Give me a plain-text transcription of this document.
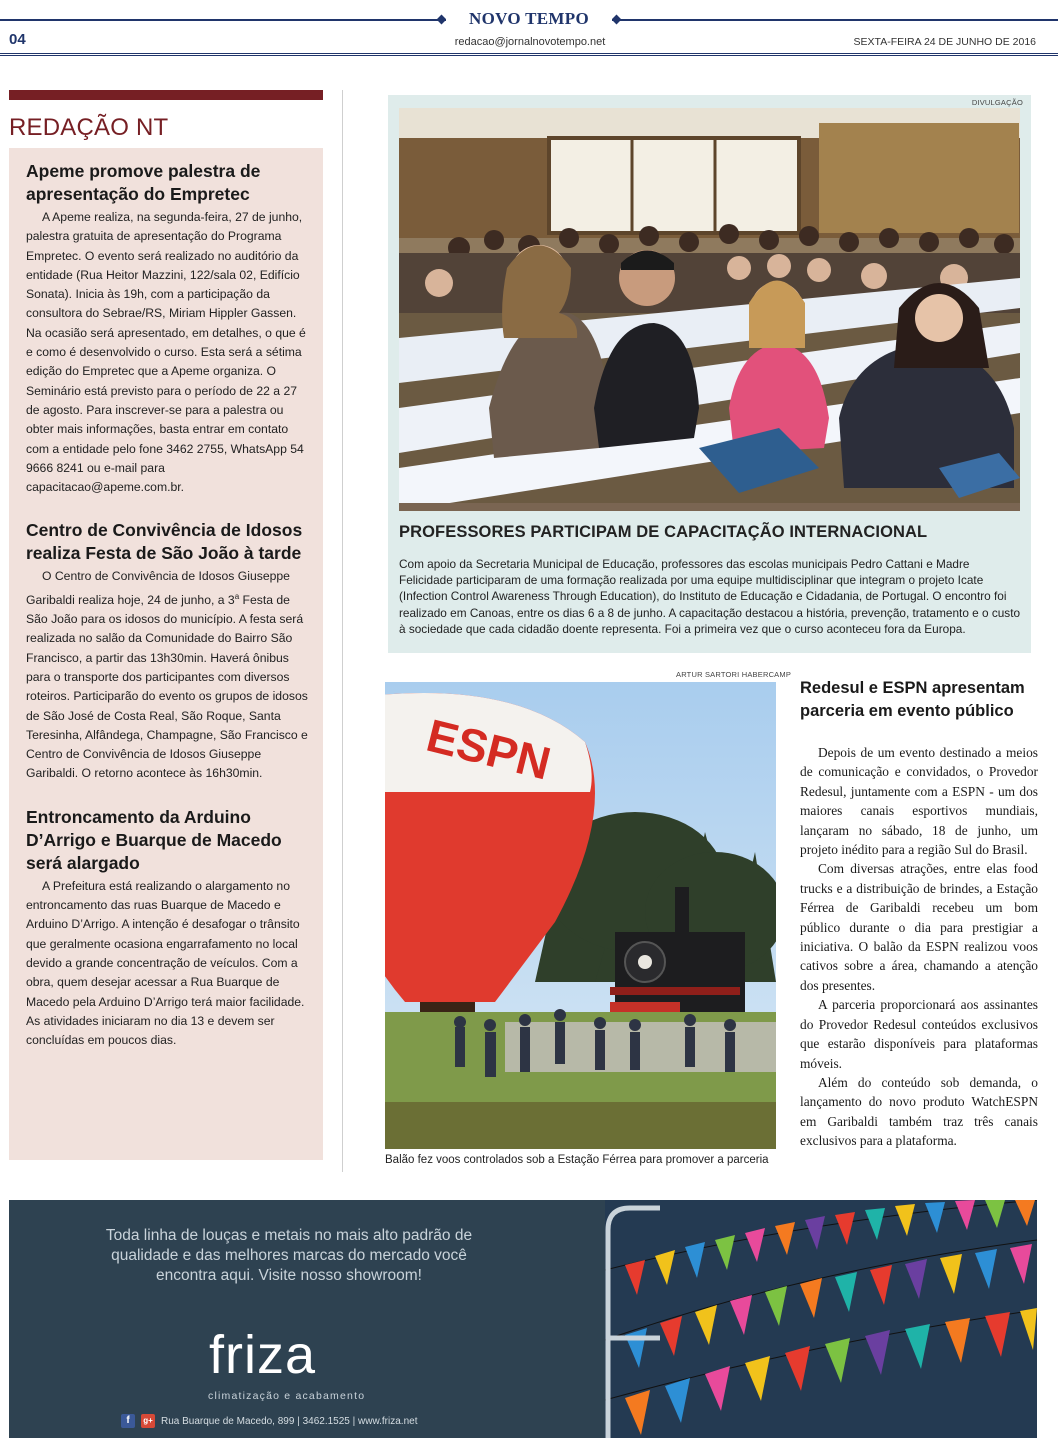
NOVO TEMPO
04	redacao@jornalnovotempo.net	SEXTA-FEIRA 24 DE JUNHO DE 2016
REDAÇÃO NT
Apeme promove palestra de apresentação do Empretec

A Apeme realiza, na segunda-feira, 27 de junho, palestra gratuita de apresentação do Programa Empretec. O evento será realizado no auditório da entidade (Rua Heitor Mazzini, 122/sala 02, Edifício Sonata). Inicia às 19h, com a participação da consultora do Sebrae/RS, Miriam Hippler Gassen. Na ocasião será apresentado, em detalhes, o que é e como é desenvolvido o curso. Esta será a sétima edição do Empretec que a Apeme organiza. O Seminário está previsto para o período de 22 a 27 de agosto. Para inscrever-se para a palestra ou obter mais informações, basta entrar em contato com a entidade pelo fone 3462 2755, WhatsApp 54 9666 8241 ou e-mail para capacitacao@apeme.com.br.

Centro de Convivência de Idosos realiza Festa de São João à tarde

O Centro de Convivência de Idosos Giuseppe Garibaldi realiza hoje, 24 de junho, a 3$^a$ Festa de São João para os idosos do município. A festa será realizada no salão da Comunidade do Bairro São Francisco, a partir das 13h30min. Haverá ônibus para o transporte dos participantes com diversos roteiros. Participarão do evento os grupos de idosos de São José de Costa Real, São Roque, Santa Teresinha, Alfândega, Champagne, São Francisco e Centro de Convivência de Idosos Giuseppe Garibaldi. O retorno acontece às 16h30min.

Entroncamento da Arduino D’Arrigo e Buarque de Macedo será alargado

A Prefeitura está realizando o alargamento no entroncamento das ruas Buarque de Macedo e Arduino D’Arrigo. A intenção é desafogar o trânsito que geralmente ocasiona engarrafamento no local devido a grande concentração de veículos. Com a obra, quem desejar acessar a Rua Buarque de Macedo pela Arduino D’Arrigo terá maior facilidade. As atividades iniciaram no dia 13 e devem ser concluídas em poucos dias.

DIVULGAÇÃO
PROFESSORES PARTICIPAM DE CAPACITAÇÃO INTERNACIONAL

Com apoio da Secretaria Municipal de Educação, professores das escolas municipais Pedro Cattani e Madre Felicidade participaram de uma formação realizada por uma equipe multidisciplinar que integram o projeto Icate (Infection Control Awareness Through Education), do Instituto de Educação e Cidadania, de Portugal. O encontro foi realizado em Canoas, entre os dias 6 a 8 de junho. A capacitação destacou a história, prevenção, tratamento e o custo à sociedade que cada cidadão doente representa. Foi a primeira vez que o curso aconteceu fora da Europa.

ARTUR SARTORI HABERCAMP
ESPN
Balão fez voos controlados sob a Estação Férrea para promover a parceria
Redesul e ESPN apresentam parceria em evento público

Depois de um evento destinado a meios de comunicação e convidados, o Provedor Redesul, juntamente com a ESPN - um dos maiores canais esportivos mundiais, lançaram no sábado, 18 de junho, um projeto inédito para a região Sul do Brasil.

Com diversas atrações, entre elas food trucks e a distribuição de brindes, a Estação Férrea de Garibaldi recebeu um bom público durante o dia para prestigiar a iniciativa. O balão da ESPN realizou voos cativos sobre a área, chamando a atenção dos presentes.

A parceria proporcionará aos assinantes do Provedor Redesul conteúdos exclusivos que estarão disponíveis para plataformas móveis.

Além do conteúdo sob demanda, o lançamento do novo produto WatchESPN em Garibaldi também traz três canais exclusivos para a plataforma.

Toda linha de louças e metais no mais alto padrão de qualidade e das melhores marcas do mercado você encontra aqui. Visite nosso showroom!
friza
climatização e acabamento
f	g+ Rua Buarque de Macedo, 899 | 3462.1525 | www.friza.net
